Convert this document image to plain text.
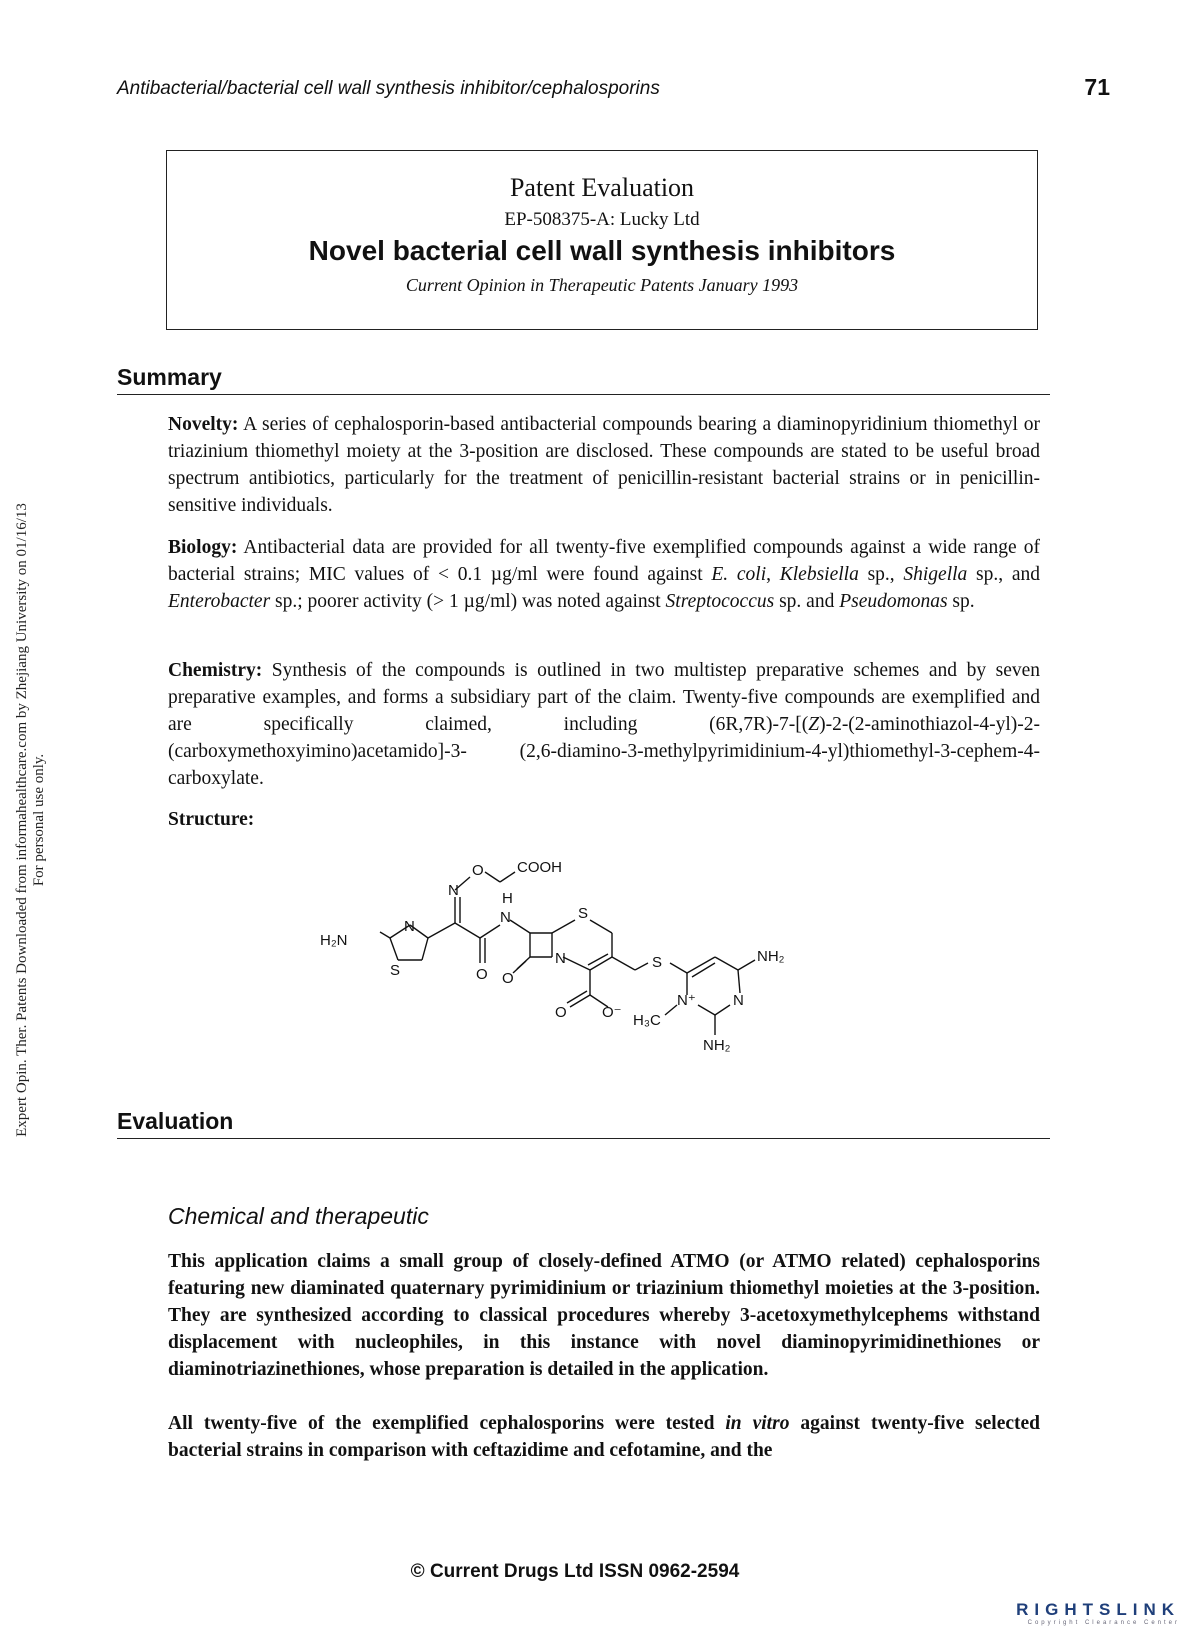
Antibacterial/bacterial cell wall synthesis inhibitor/cephalosporins	71
Expert Opin. Ther. Patents Downloaded from informahealthcare.com by Zhejiang University on 01/16/13 For personal use only.
Patent Evaluation
EP-508375-A: Lucky Ltd
Novel bacterial cell wall synthesis inhibitors
Current Opinion in Therapeutic Patents January 1993
Summary
Novelty: A series of cephalosporin-based antibacterial compounds bearing a diaminopyridinium thiomethyl or triazinium thiomethyl moiety at the 3-position are disclosed. These compounds are stated to be useful broad spectrum antibiotics, particularly for the treatment of penicillin-resistant bacterial strains or in penicillin-sensitive individuals.
Biology: Antibacterial data are provided for all twenty-five exemplified compounds against a wide range of bacterial strains; MIC values of < 0.1 µg/ml were found against E. coli, Klebsiella sp., Shigella sp., and Enterobacter sp.; poorer activity (> 1 µg/ml) was noted against Streptococcus sp. and Pseudomonas sp.
Chemistry: Synthesis of the compounds is outlined in two multistep preparative schemes and by seven preparative examples, and forms a subsidiary part of the claim. Twenty-five compounds are exemplified and are specifically claimed, including (6R,7R)-7-[(Z)-2-(2-aminothiazol-4-yl)-2-(carboxymethoxyimino)acetamido]-3- (2,6-diamino-3-methylpyrimidinium-4-yl)thiomethyl-3-cephem-4-carboxylate.
Structure:
H₂N
N
S
N
O COOH
O
H
N	S
N
O
S
O O⁻
N⁺ N
H₃C
NH₂
NH₂
Evaluation
Chemical and therapeutic
This application claims a small group of closely-defined ATMO (or ATMO related) cephalosporins featuring new diaminated quaternary pyrimidinium or triazinium thiomethyl moieties at the 3-position. They are synthesized according to classical procedures whereby 3-acetoxymethylcephems withstand displacement with nucleophiles, in this instance with novel diaminopyrimidinethiones or diaminotriazinethiones, whose preparation is detailed in the application.
All twenty-five of the exemplified cephalosporins were tested in vitro against twenty-five selected bacterial strains in comparison with ceftazidime and cefotamine, and the
© Current Drugs Ltd ISSN 0962-2594
RIGHTSLINK
Copyright Clearance Center
